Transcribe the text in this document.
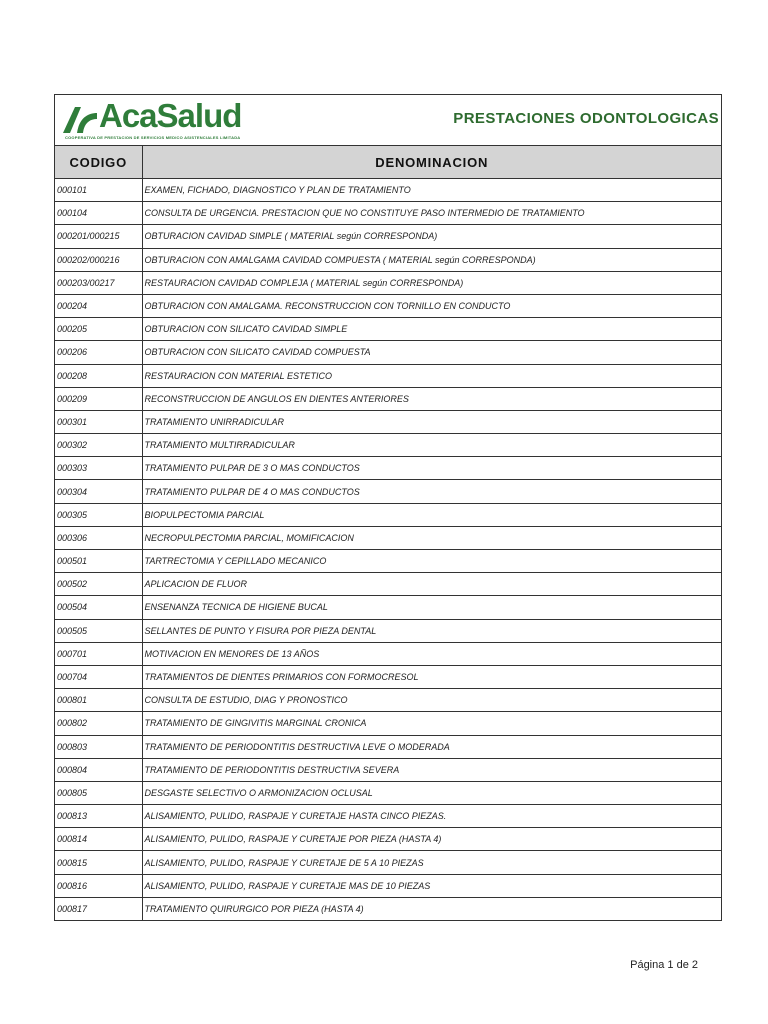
AcaSalud
COOPERATIVA DE PRESTACION DE SERVICIOS MEDICO ASISTENCIALES LIMITADA
PRESTACIONES ODONTOLOGICAS
CODIGO	DENOMINACION
000101	EXAMEN, FICHADO, DIAGNOSTICO Y PLAN DE TRATAMIENTO
000104	CONSULTA DE URGENCIA. PRESTACION QUE NO CONSTITUYE PASO INTERMEDIO DE TRATAMIENTO
000201/000215	OBTURACION CAVIDAD SIMPLE ( MATERIAL según CORRESPONDA)
000202/000216	OBTURACION CON AMALGAMA CAVIDAD COMPUESTA ( MATERIAL según CORRESPONDA)
000203/00217	RESTAURACION CAVIDAD COMPLEJA ( MATERIAL según CORRESPONDA)
000204	OBTURACION CON AMALGAMA. RECONSTRUCCION CON TORNILLO EN CONDUCTO
000205	OBTURACION CON SILICATO CAVIDAD SIMPLE
000206	OBTURACION CON SILICATO CAVIDAD COMPUESTA
000208	RESTAURACION CON MATERIAL ESTETICO
000209	RECONSTRUCCION DE ANGULOS EN DIENTES ANTERIORES
000301	TRATAMIENTO UNIRRADICULAR
000302	TRATAMIENTO MULTIRRADICULAR
000303	TRATAMIENTO PULPAR DE 3 O MAS CONDUCTOS
000304	TRATAMIENTO PULPAR DE 4 O MAS CONDUCTOS
000305	BIOPULPECTOMIA PARCIAL
000306	NECROPULPECTOMIA PARCIAL, MOMIFICACION
000501	TARTRECTOMIA Y CEPILLADO MECANICO
000502	APLICACION DE FLUOR
000504	ENSENANZA TECNICA DE HIGIENE BUCAL
000505	SELLANTES DE PUNTO Y FISURA POR PIEZA DENTAL
000701	MOTIVACION EN MENORES DE 13 AÑOS
000704	TRATAMIENTOS DE DIENTES PRIMARIOS CON FORMOCRESOL
000801	CONSULTA DE ESTUDIO, DIAG Y PRONOSTICO
000802	TRATAMIENTO DE GINGIVITIS MARGINAL CRONICA
000803	TRATAMIENTO DE PERIODONTITIS DESTRUCTIVA LEVE O MODERADA
000804	TRATAMIENTO DE PERIODONTITIS DESTRUCTIVA SEVERA
000805	DESGASTE SELECTIVO O ARMONIZACION OCLUSAL
000813	ALISAMIENTO, PULIDO, RASPAJE Y CURETAJE HASTA CINCO PIEZAS.
000814	ALISAMIENTO, PULIDO, RASPAJE Y CURETAJE POR PIEZA (HASTA 4)
000815	ALISAMIENTO, PULIDO, RASPAJE Y CURETAJE DE 5 A 10 PIEZAS
000816	ALISAMIENTO, PULIDO, RASPAJE Y CURETAJE MAS DE 10 PIEZAS
000817	TRATAMIENTO QUIRURGICO POR PIEZA (HASTA 4)
Página 1 de 2
